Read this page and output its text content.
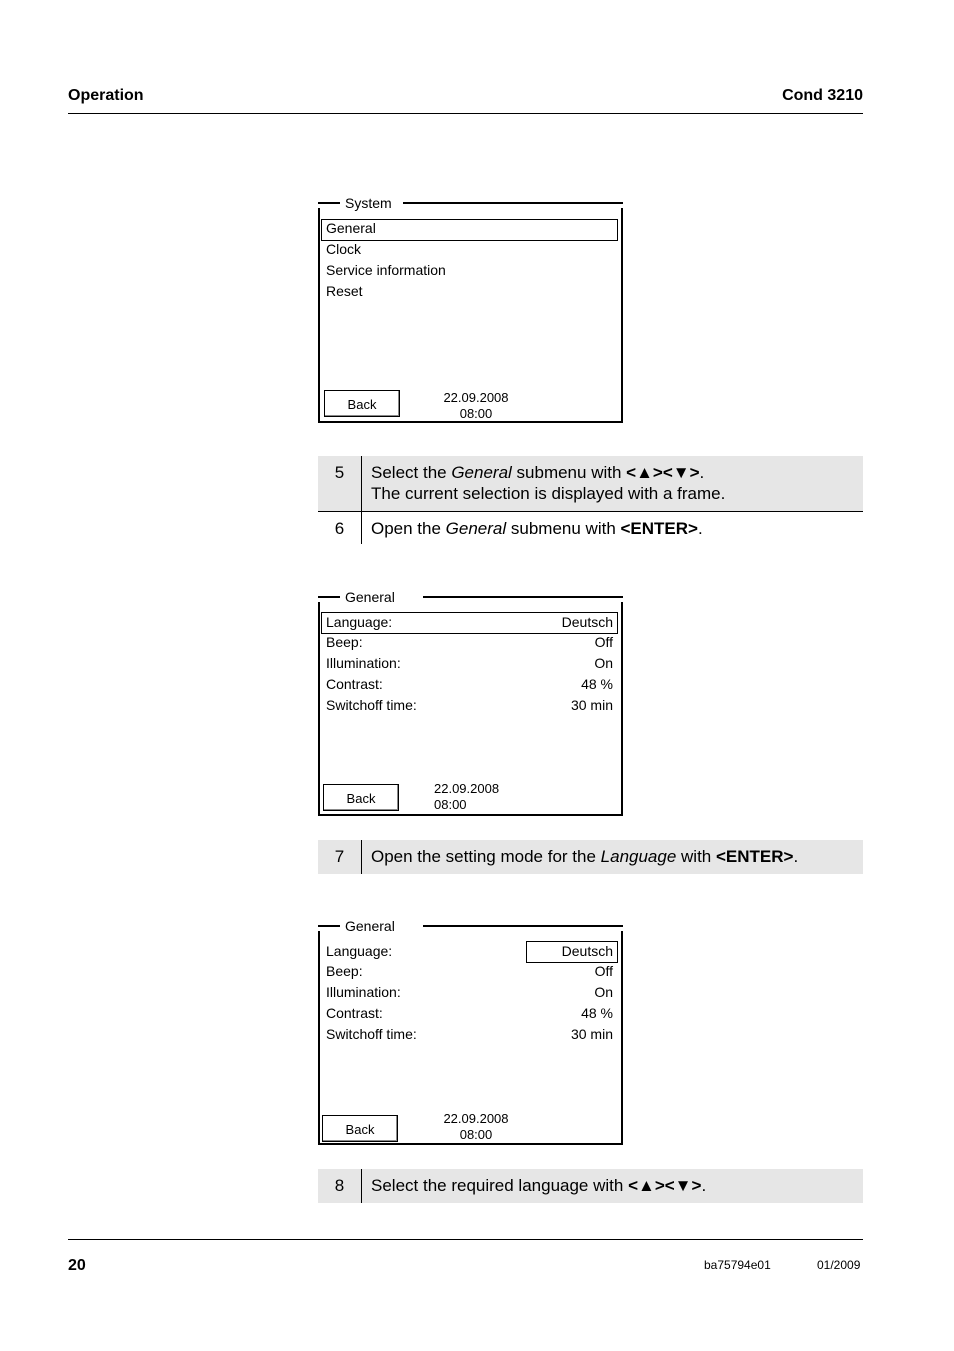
Operation	Cond 3210
System
General
Clock
Service information
Reset
Back	22.09.2008
08:00
5	Select the General submenu with <▲><▼>.
The current selection is displayed with a frame.
6	Open the General submenu with <ENTER>.
General
Language:	Deutsch
Beep:	Off
Illumination:	On
Contrast:	48 %
Switchoff time:	30 min
Back
22.09.2008
08:00
7	Open the setting mode for the Language with <ENTER>.
General
Language:	Deutsch
Beep:	Off
Illumination:	On
Contrast:	48 %
Switchoff time:	30 min
Back
22.09.2008
08:00
8	Select the required language with <▲><▼>.
20	ba75794e01	01/2009
